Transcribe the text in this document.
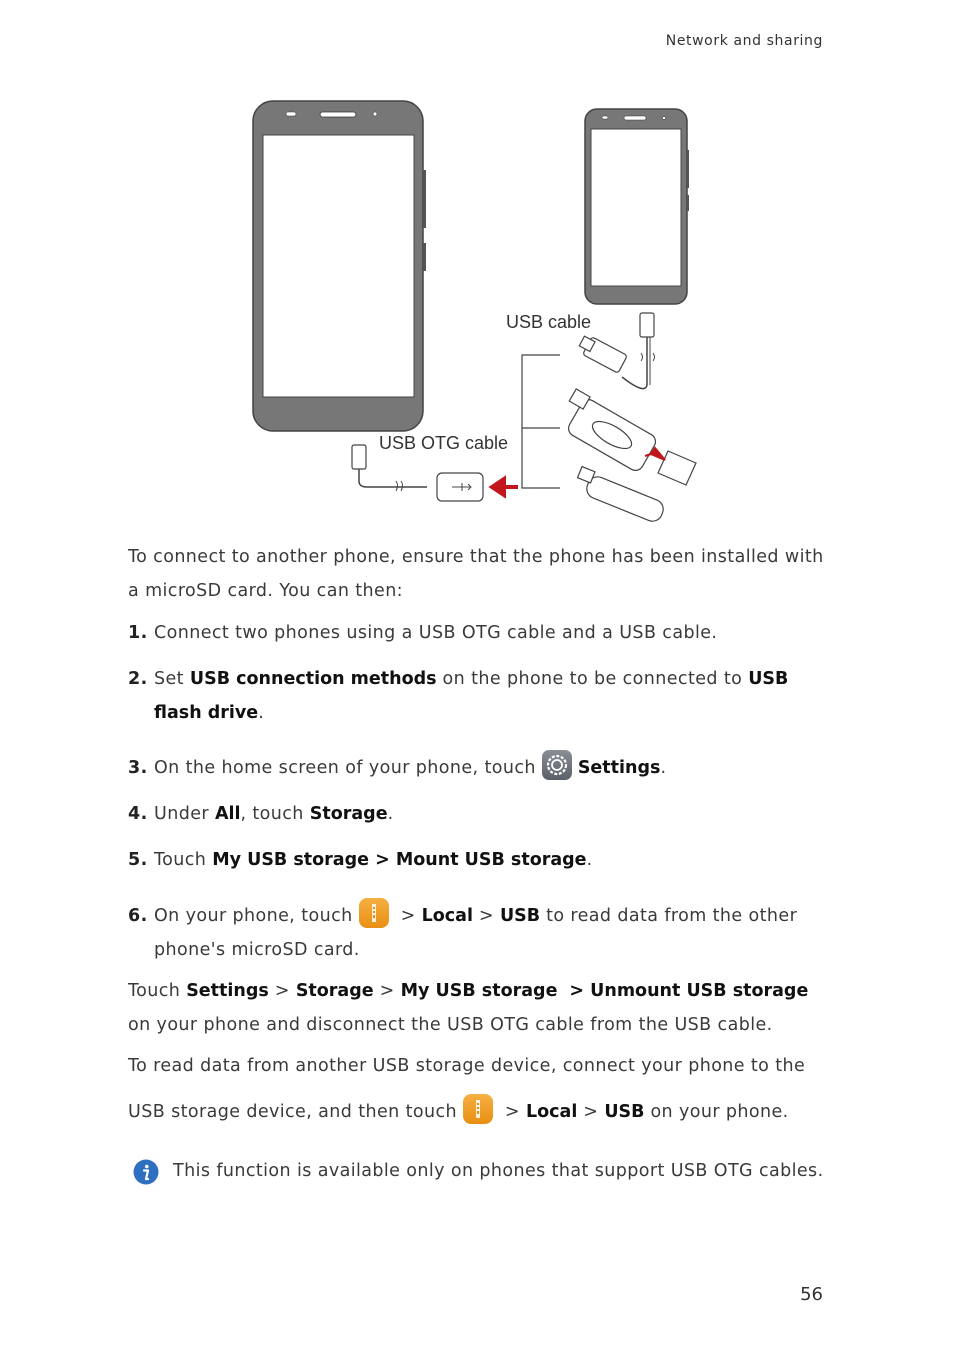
Network and sharing
USB cable
USB OTG cable
To connect to another phone, ensure that the phone has been installed with a microSD card. You can then:
1. Connect two phones using a USB OTG cable and a USB cable.
2. Set USB connection methods on the phone to be connected to USB flash drive.
3. On the home screen of your phone, touch Settings.
4. Under All, touch Storage.
5. Touch My USB storage > Mount USB storage.
6. On your phone, touch > Local > USB to read data from the other phone's microSD card.
Touch Settings > Storage > My USB storage > Unmount USB storage on your phone and disconnect the USB OTG cable from the USB cable.
To read data from another USB storage device, connect your phone to the
USB storage device, and then touch > Local > USB on your phone.
This function is available only on phones that support USB OTG cables.
56
